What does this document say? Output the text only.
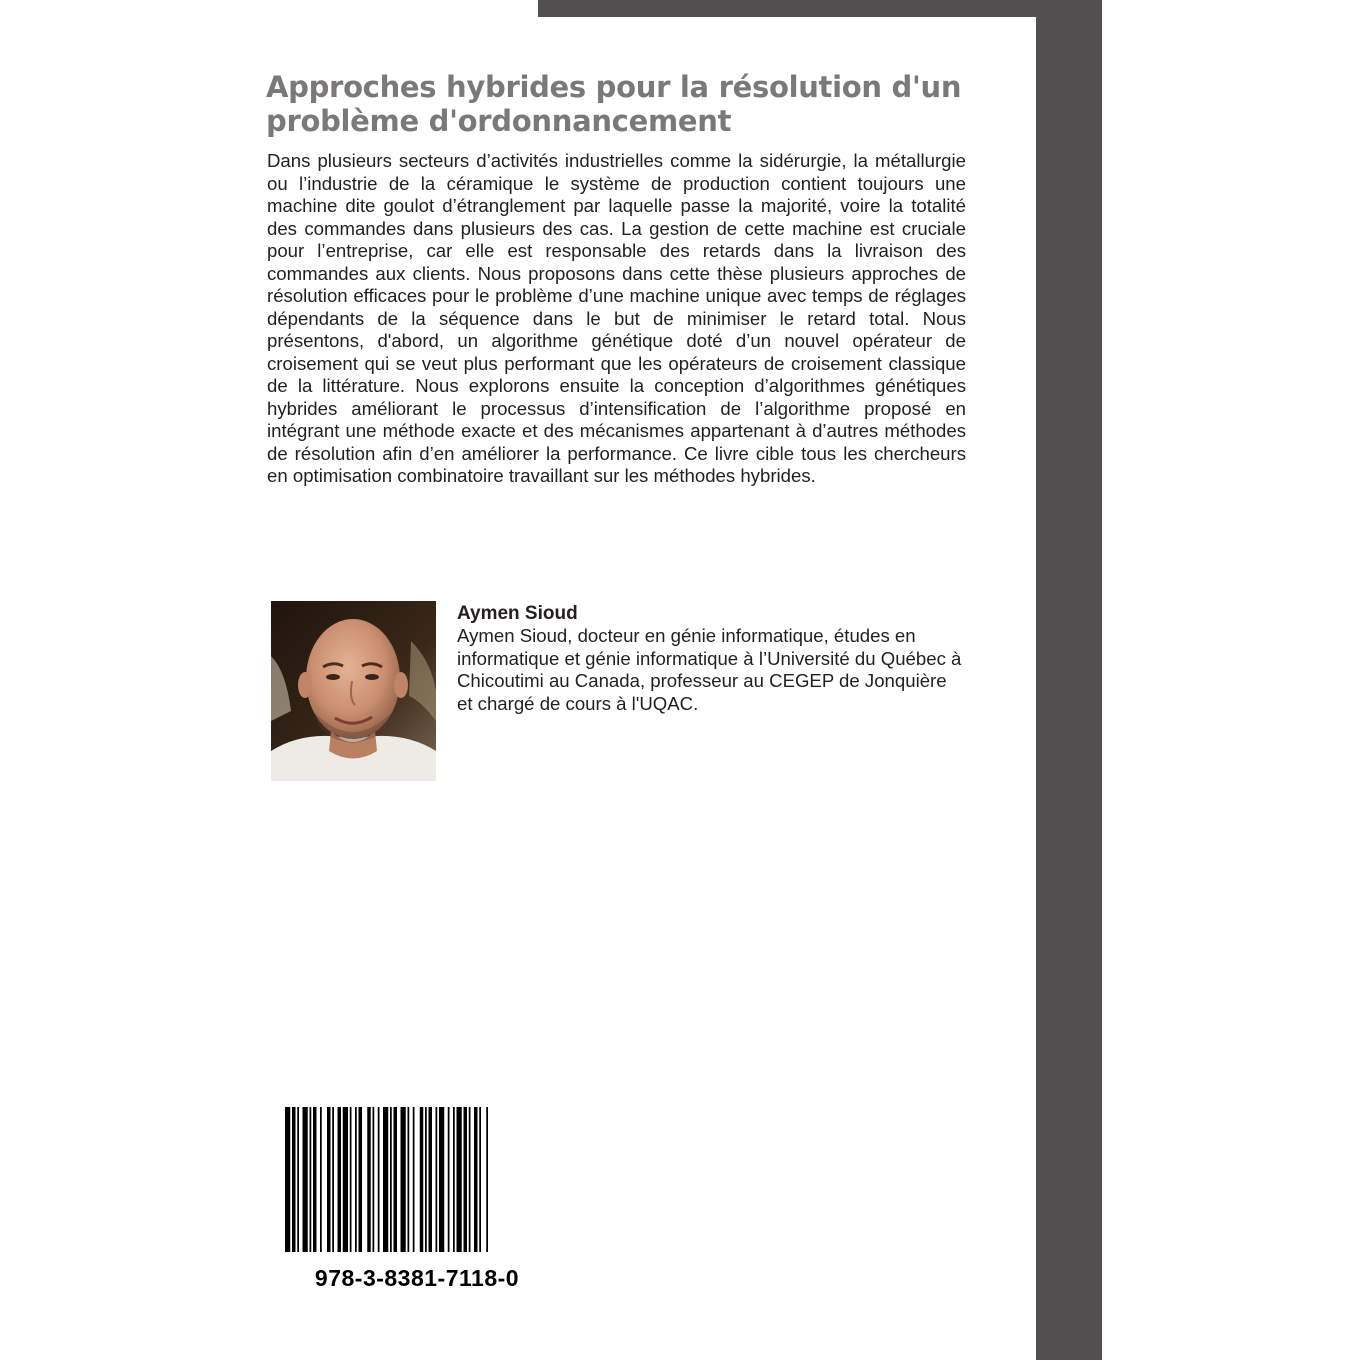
Approches hybrides pour la résolution d'un problème d'ordonnancement

Dans plusieurs secteurs d’activités industrielles comme la sidérurgie, la métallurgie ou l’industrie de la céramique le système de production contient toujours une machine dite goulot d’étranglement par laquelle passe la majorité, voire la totalité des commandes dans plusieurs des cas. La gestion de cette machine est cruciale pour l’entreprise, car elle est responsable des retards dans la livraison des commandes aux clients. Nous proposons dans cette thèse plusieurs approches de résolution efficaces pour le problème d’une machine unique avec temps de réglages dépendants de la séquence dans le but de minimiser le retard total. Nous présentons, d'abord, un algorithme génétique doté d’un nouvel opérateur de croisement qui se veut plus performant que les opérateurs de croisement classique de la littérature. Nous explorons ensuite la conception d’algorithmes génétiques hybrides améliorant le processus d’intensification de l’algorithme proposé en intégrant une méthode exacte et des mécanismes appartenant à d’autres méthodes de résolution afin d’en améliorer la performance. Ce livre cible tous les chercheurs en optimisation combinatoire travaillant sur les méthodes hybrides.

Aymen Sioud

Aymen Sioud, docteur en génie informatique, études en informatique et génie informatique à l’Université du Québec à Chicoutimi au Canada, professeur au CEGEP de Jonquière et chargé de cours à l'UQAC.

978-3-8381-7118-0
